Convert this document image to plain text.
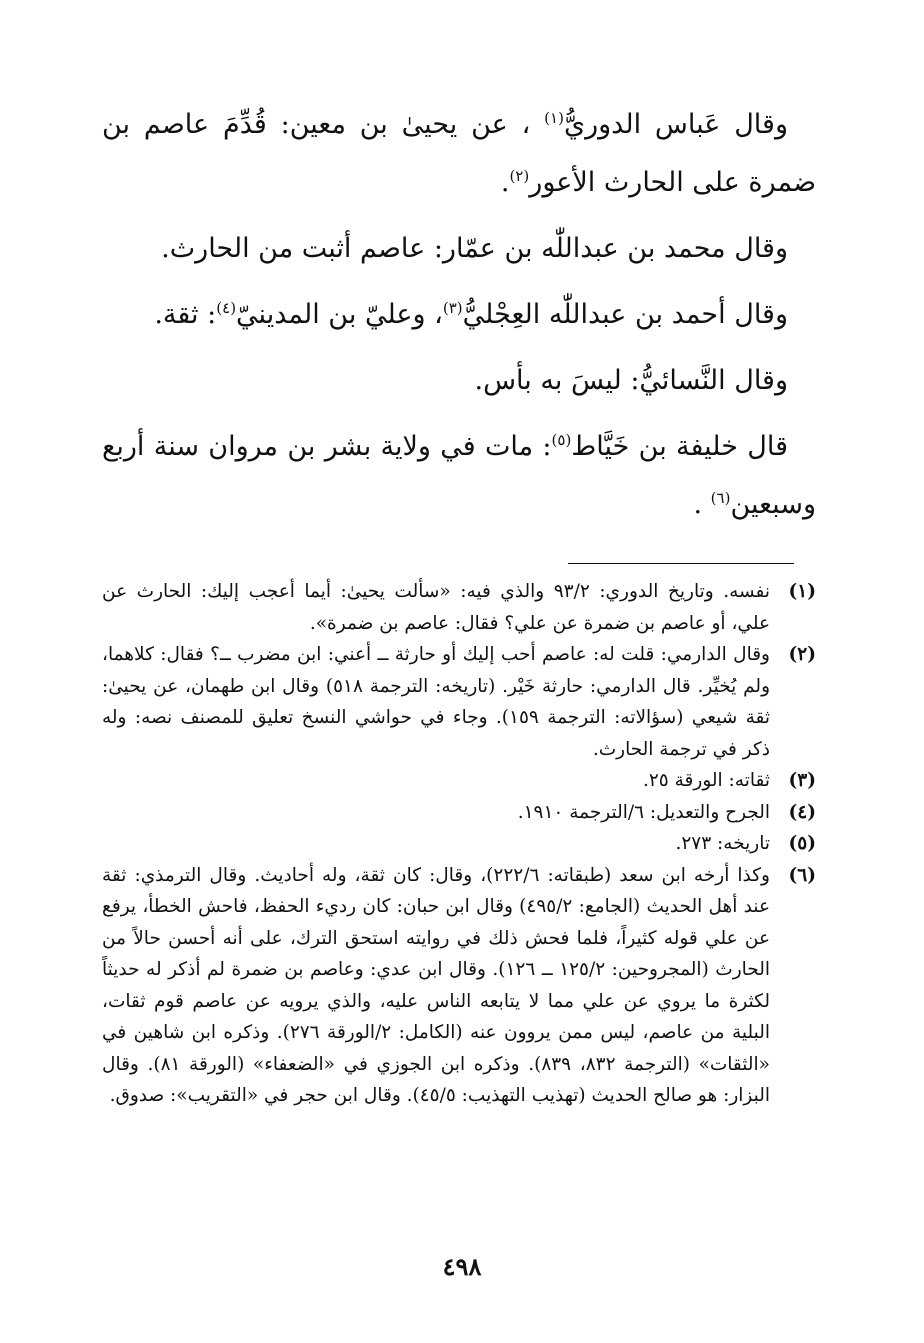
وقال عَباس الدوريُّ$^{(١)}$ ، عن يحيىٰ بن معين: قُدِّمَ عاصم بن ضمرة على الحارث الأعور$^{(٢)}$.

وقال محمد بن عبداللّٰه بن عمّار: عاصم أثبت من الحارث.

وقال أحمد بن عبداللّٰه العِجْليُّ$^{(٣)}$، وعليّ بن المدينيّ$^{(٤)}$: ثقة.

وقال النَّسائيُّ: ليسَ به بأس.

قال خليفة بن خَيَّاط$^{(٥)}$: مات في ولاية بشر بن مروان سنة أربع وسبعين$^{(٦)}$ .

(١)
نفسه. وتاريخ الدوري: ٩٣/٢ والذي فيه: «سألت يحيىٰ: أيما أعجب إليك: الحارث عن علي، أو عاصم بن ضمرة عن علي؟ فقال: عاصم بن ضمرة».
(٢)
وقال الدارمي: قلت له: عاصم أحب إليك أو حارثة ــ أعني: ابن مضرب ــ؟ فقال: كلاهما، ولم يُخيِّر. قال الدارمي: حارثة خَيْر. (تاريخه: الترجمة ٥١٨) وقال ابن طهمان، عن يحيىٰ: ثقة شيعي (سؤالاته: الترجمة ١٥٩). وجاء في حواشي النسخ تعليق للمصنف نصه: وله ذكر في ترجمة الحارث.
(٣)
ثقاته: الورقة ٢٥.
(٤)
الجرح والتعديل: ٦/الترجمة ١٩١٠.
(٥)
تاريخه: ٢٧٣.
(٦)
وكذا أرخه ابن سعد (طبقاته: ٢٢٢/٦)، وقال: كان ثقة، وله أحاديث. وقال الترمذي: ثقة عند أهل الحديث (الجامع: ٤٩٥/٢) وقال ابن حبان: كان رديء الحفظ، فاحش الخطأ، يرفع عن علي قوله كثيراً، فلما فحش ذلك في روايته استحق الترك، على أنه أحسن حالاً من الحارث (المجروحين: ١٢٥/٢ ــ ١٢٦). وقال ابن عدي: وعاصم بن ضمرة لم أذكر له حديثاً لكثرة ما يروي عن علي مما لا يتابعه الناس عليه، والذي يرويه عن عاصم قوم ثقات، البلية من عاصم، ليس ممن يروون عنه (الكامل: ٢/الورقة ٢٧٦). وذكره ابن شاهين في «الثقات» (الترجمة ٨٣٢، ٨٣٩). وذكره ابن الجوزي في «الضعفاء» (الورقة ٨١). وقال البزار: هو صالح الحديث (تهذيب التهذيب: ٤٥/٥). وقال ابن حجر في «التقريب»: صدوق.
٤٩٨
